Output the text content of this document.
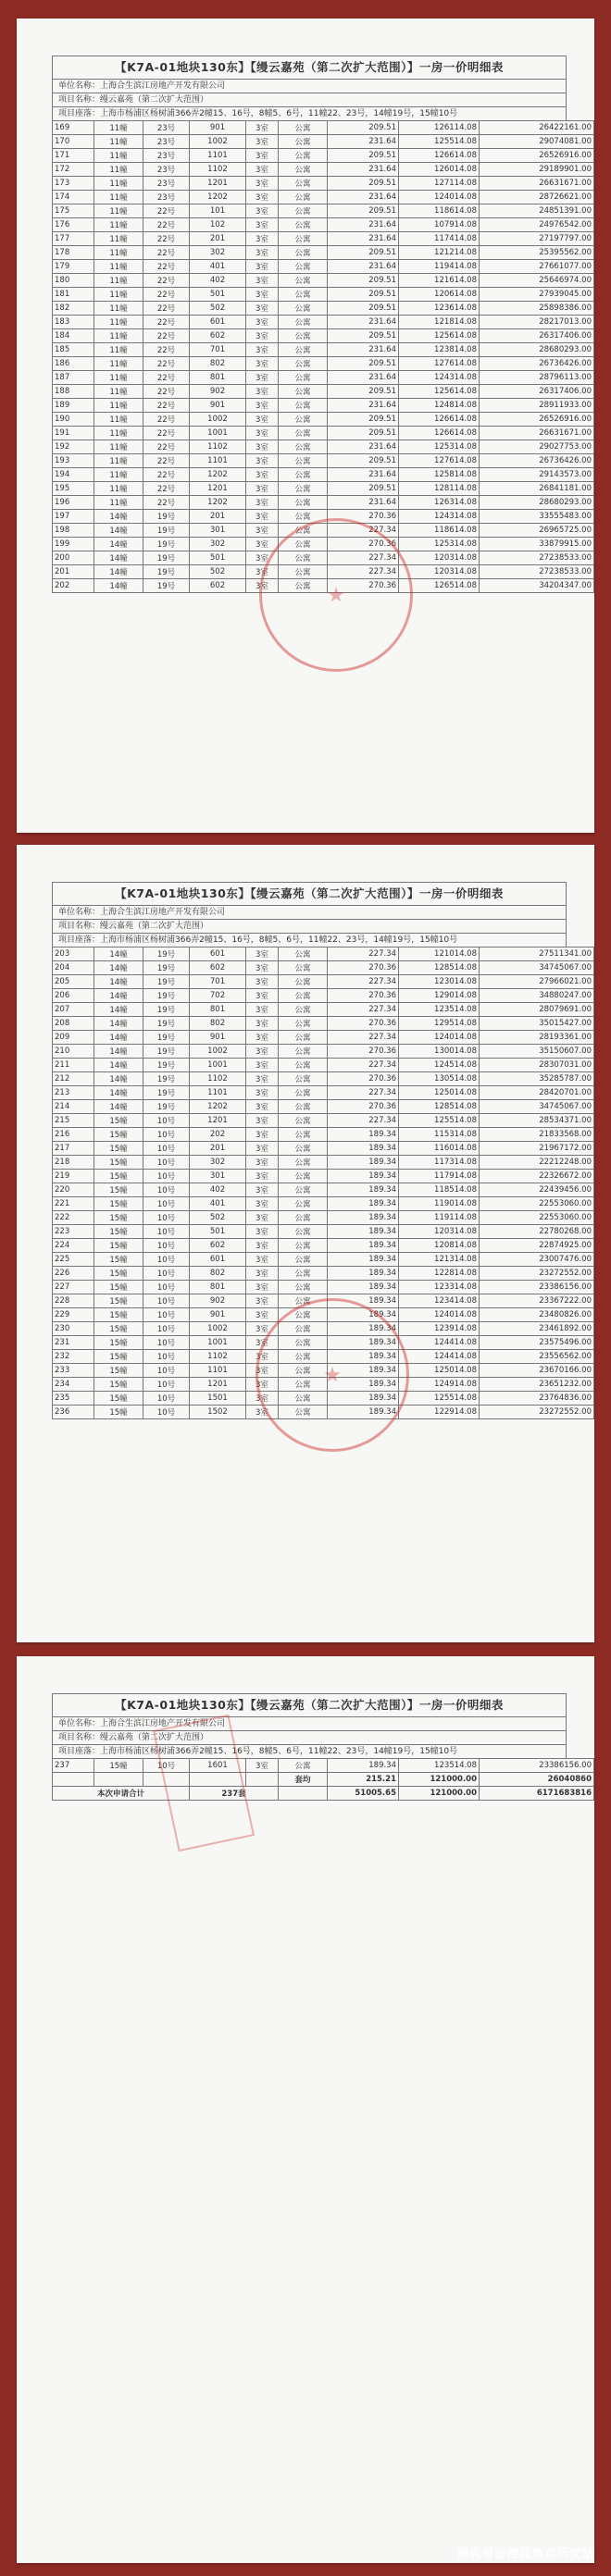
【K7A-01地块130东】【缦云嘉苑（第二次扩大范围）】一房一价明细表
单位名称：上海合生滨江房地产开发有限公司
项目名称：缦云嘉苑（第二次扩大范围）
项目座落：上海市杨浦区杨树浦366弄2幢15、16号，8幢5、6号，11幢22、23号，14幢19号，15幢10号
169	11幢	23号	901	3室	公寓	209.51	126114.08	26422161.00
170	11幢	23号	1002	3室	公寓	231.64	125514.08	29074081.00
171	11幢	23号	1101	3室	公寓	209.51	126614.08	26526916.00
172	11幢	23号	1102	3室	公寓	231.64	126014.08	29189901.00
173	11幢	23号	1201	3室	公寓	209.51	127114.08	26631671.00
174	11幢	23号	1202	3室	公寓	231.64	124014.08	28726621.00
175	11幢	22号	101	3室	公寓	209.51	118614.08	24851391.00
176	11幢	22号	102	3室	公寓	231.64	107914.08	24976542.00
177	11幢	22号	201	3室	公寓	231.64	117414.08	27197797.00
178	11幢	22号	302	3室	公寓	209.51	121214.08	25395562.00
179	11幢	22号	401	3室	公寓	231.64	119414.08	27661077.00
180	11幢	22号	402	3室	公寓	209.51	121614.08	25646974.00
181	11幢	22号	501	3室	公寓	209.51	120614.08	27939045.00
182	11幢	22号	502	3室	公寓	209.51	123614.08	25898386.00
183	11幢	22号	601	3室	公寓	231.64	121814.08	28217013.00
184	11幢	22号	602	3室	公寓	209.51	125614.08	26317406.00
185	11幢	22号	701	3室	公寓	231.64	123814.08	28680293.00
186	11幢	22号	802	3室	公寓	209.51	127614.08	26736426.00
187	11幢	22号	801	3室	公寓	231.64	124314.08	28796113.00
188	11幢	22号	902	3室	公寓	209.51	125614.08	26317406.00
189	11幢	22号	901	3室	公寓	231.64	124814.08	28911933.00
190	11幢	22号	1002	3室	公寓	209.51	126614.08	26526916.00
191	11幢	22号	1001	3室	公寓	209.51	126614.08	26631671.00
192	11幢	22号	1102	3室	公寓	231.64	125314.08	29027753.00
193	11幢	22号	1101	3室	公寓	209.51	127614.08	26736426.00
194	11幢	22号	1202	3室	公寓	231.64	125814.08	29143573.00
195	11幢	22号	1201	3室	公寓	209.51	128114.08	26841181.00
196	11幢	22号	1202	3室	公寓	231.64	126314.08	28680293.00
197	14幢	19号	201	3室	公寓	270.36	124314.08	33555483.00
198	14幢	19号	301	3室	公寓	227.34	118614.08	26965725.00
199	14幢	19号	302	3室	公寓	270.36	125314.08	33879915.00
200	14幢	19号	501	3室	公寓	227.34	120314.08	27238533.00
201	14幢	19号	502	3室	公寓	227.34	120314.08	27238533.00
202	14幢	19号	602	3室	公寓	270.36	126514.08	34204347.00
【K7A-01地块130东】【缦云嘉苑（第二次扩大范围）】一房一价明细表
单位名称：上海合生滨江房地产开发有限公司
项目名称：缦云嘉苑（第二次扩大范围）
项目座落：上海市杨浦区杨树浦366弄2幢15、16号，8幢5、6号，11幢22、23号，14幢19号，15幢10号
203	14幢	19号	601	3室	公寓	227.34	121014.08	27511341.00
204	14幢	19号	602	3室	公寓	270.36	128514.08	34745067.00
205	14幢	19号	701	3室	公寓	227.34	123014.08	27966021.00
206	14幢	19号	702	3室	公寓	270.36	129014.08	34880247.00
207	14幢	19号	801	3室	公寓	227.34	123514.08	28079691.00
208	14幢	19号	802	3室	公寓	270.36	129514.08	35015427.00
209	14幢	19号	901	3室	公寓	227.34	124014.08	28193361.00
210	14幢	19号	1002	3室	公寓	270.36	130014.08	35150607.00
211	14幢	19号	1001	3室	公寓	227.34	124514.08	28307031.00
212	14幢	19号	1102	3室	公寓	270.36	130514.08	35285787.00
213	14幢	19号	1101	3室	公寓	227.34	125014.08	28420701.00
214	14幢	19号	1202	3室	公寓	270.36	128514.08	34745067.00
215	15幢	10号	1201	3室	公寓	227.34	125514.08	28534371.00
216	15幢	10号	202	3室	公寓	189.34	115314.08	21833568.00
217	15幢	10号	201	3室	公寓	189.34	116014.08	21967172.00
218	15幢	10号	302	3室	公寓	189.34	117314.08	22212248.00
219	15幢	10号	301	3室	公寓	189.34	117914.08	22326672.00
220	15幢	10号	402	3室	公寓	189.34	118514.08	22439456.00
221	15幢	10号	401	3室	公寓	189.34	119014.08	22553060.00
222	15幢	10号	502	3室	公寓	189.34	119114.08	22553060.00
223	15幢	10号	501	3室	公寓	189.34	120314.08	22780268.00
224	15幢	10号	602	3室	公寓	189.34	120814.08	22874925.00
225	15幢	10号	601	3室	公寓	189.34	121314.08	23007476.00
226	15幢	10号	802	3室	公寓	189.34	122814.08	23272552.00
227	15幢	10号	801	3室	公寓	189.34	123314.08	23386156.00
228	15幢	10号	902	3室	公寓	189.34	123414.08	23367222.00
229	15幢	10号	901	3室	公寓	189.34	124014.08	23480826.00
230	15幢	10号	1002	3室	公寓	189.34	123914.08	23461892.00
231	15幢	10号	1001	3室	公寓	189.34	124414.08	23575496.00
232	15幢	10号	1102	3室	公寓	189.34	124414.08	23556562.00
233	15幢	10号	1101	3室	公寓	189.34	125014.08	23670166.00
234	15幢	10号	1201	3室	公寓	189.34	124914.08	23651232.00
235	15幢	10号	1501	3室	公寓	189.34	125514.08	23764836.00
236	15幢	10号	1502	3室	公寓	189.34	122914.08	23272552.00
【K7A-01地块130东】【缦云嘉苑（第二次扩大范围）】一房一价明细表
单位名称：上海合生滨江房地产开发有限公司
项目名称：缦云嘉苑（第二次扩大范围）
项目座落：上海市杨浦区杨树浦366弄2幢15、16号，8幢5、6号，11幢22、23号，14幢19号，15幢10号
237	15幢	10号	1601	3室	公寓	189.34	123514.08	23386156.00
					套均	215.21	121000.00	26040860
本次申请合计			237套			51005.65	121000.00	6171683816
搜狐号@搜狐焦点历安站
